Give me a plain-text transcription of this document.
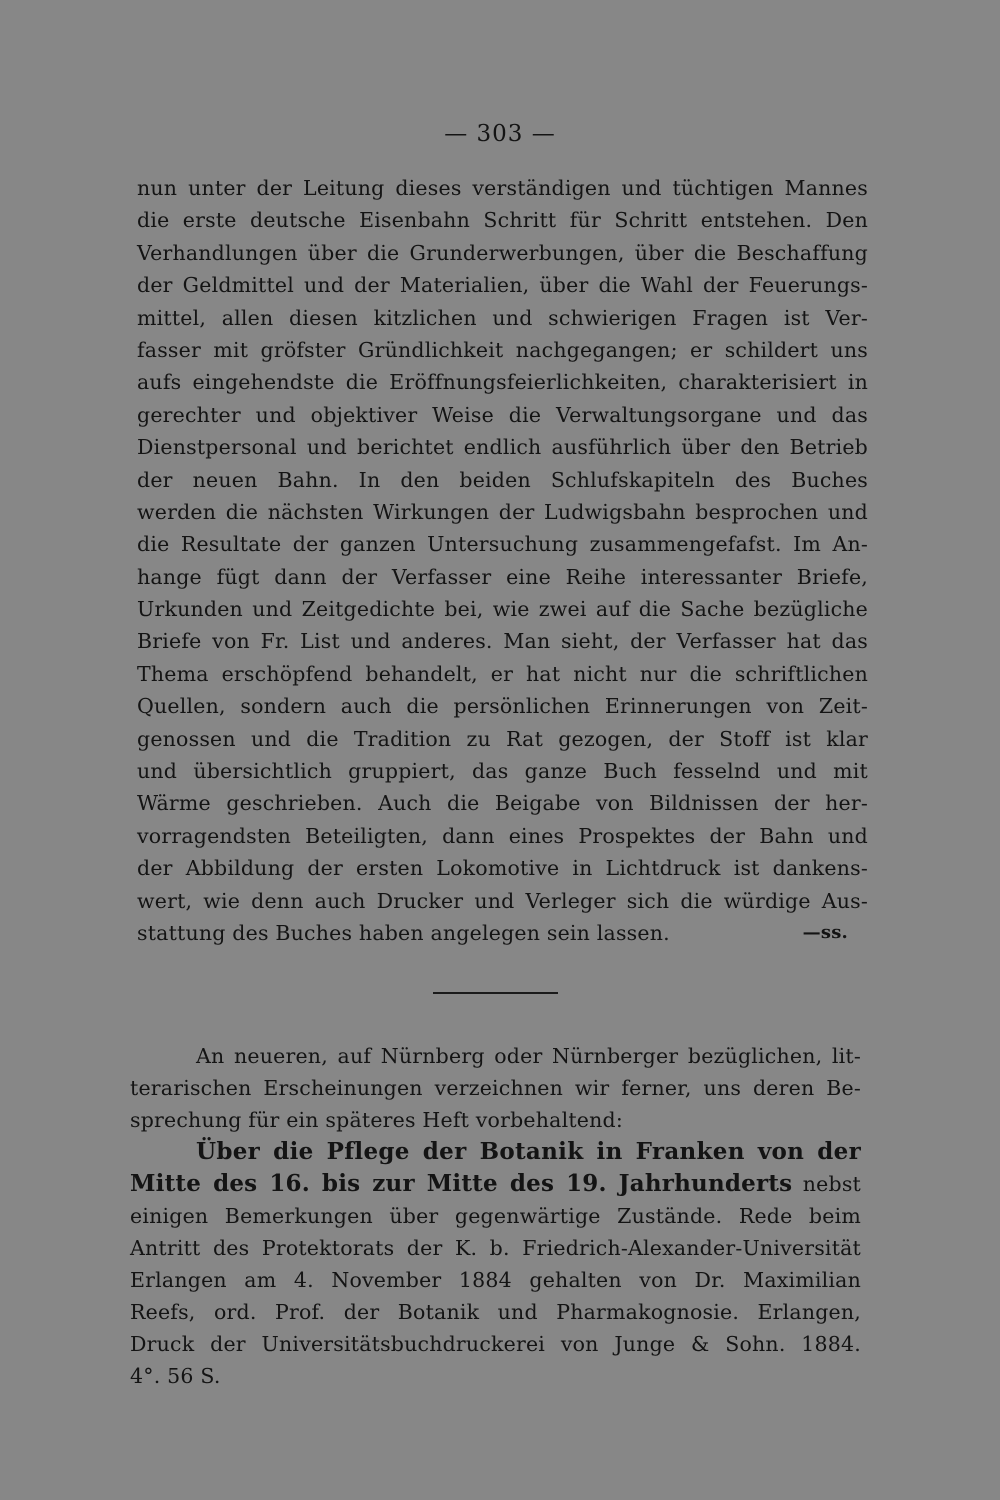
— 303 —
nun unter der Leitung dieses verständigen und tüchtigen Mannes
die erste deutsche Eisenbahn Schritt für Schritt entstehen. Den
Verhandlungen über die Grunderwerbungen, über die Beschaffung
der Geldmittel und der Materialien, über die Wahl der Feuerungs-
mittel, allen diesen kitzlichen und schwierigen Fragen ist Ver-
fasser mit gröfster Gründlichkeit nachgegangen; er schildert uns
aufs eingehendste die Eröffnungsfeierlichkeiten, charakterisiert in
gerechter und objektiver Weise die Verwaltungsorgane und das
Dienstpersonal und berichtet endlich ausführlich über den Betrieb
der neuen Bahn. In den beiden Schlufskapiteln des Buches
werden die nächsten Wirkungen der Ludwigsbahn besprochen und
die Resultate der ganzen Untersuchung zusammengefafst. Im An-
hange fügt dann der Verfasser eine Reihe interessanter Briefe,
Urkunden und Zeitgedichte bei, wie zwei auf die Sache bezügliche
Briefe von Fr. List und anderes. Man sieht, der Verfasser hat das
Thema erschöpfend behandelt, er hat nicht nur die schriftlichen
Quellen, sondern auch die persönlichen Erinnerungen von Zeit-
genossen und die Tradition zu Rat gezogen, der Stoff ist klar
und übersichtlich gruppiert, das ganze Buch fesselnd und mit
Wärme geschrieben. Auch die Beigabe von Bildnissen der her-
vorragendsten Beteiligten, dann eines Prospektes der Bahn und
der Abbildung der ersten Lokomotive in Lichtdruck ist dankens-
wert, wie denn auch Drucker und Verleger sich die würdige Aus-
stattung des Buches haben angelegen sein lassen.	—ss.
An neueren, auf Nürnberg oder Nürnberger bezüglichen, lit-
terarischen Erscheinungen verzeichnen wir ferner, uns deren Be-
sprechung für ein späteres Heft vorbehaltend:
Über die Pflege der Botanik in Franken von der
Mitte des 16. bis zur Mitte des 19. Jahrhunderts nebst
einigen Bemerkungen über gegenwärtige Zustände. Rede beim
Antritt des Protektorats der K. b. Friedrich-Alexander-Universität
Erlangen am 4. November 1884 gehalten von Dr. Maximilian
Reefs, ord. Prof. der Botanik und Pharmakognosie. Erlangen,
Druck der Universitätsbuchdruckerei von Junge & Sohn. 1884.
4°. 56 S.
